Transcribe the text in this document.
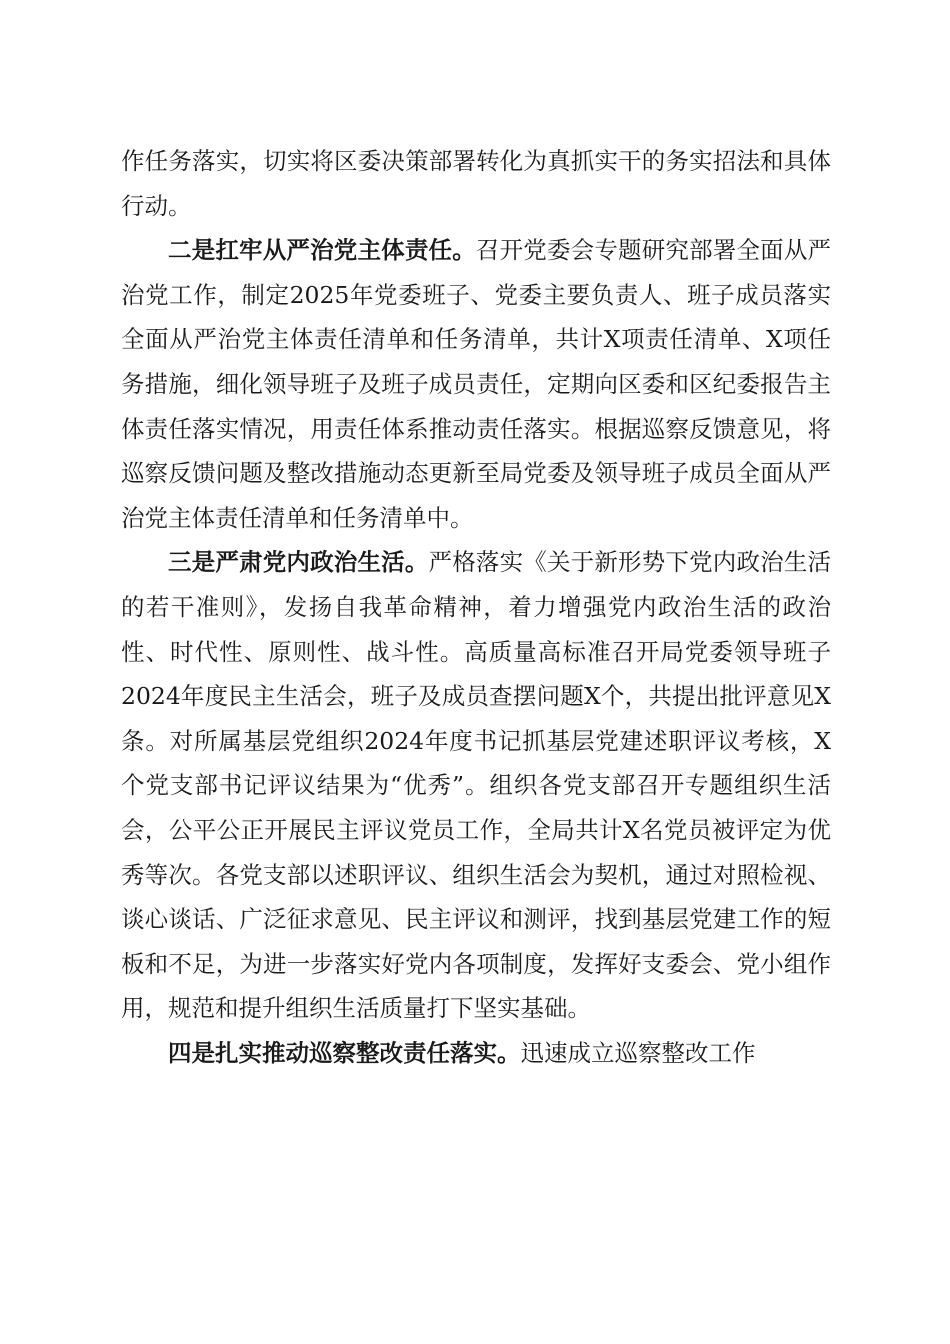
作任务落实，切实将区委决策部署转化为真抓实干的务实招法和具体行动。

二是扛牢从严治党主体责任。召开党委会专题研究部署全面从严治党工作，制定2025年党委班子、党委主要负责人、班子成员落实全面从严治党主体责任清单和任务清单，共计X项责任清单、X项任务措施，细化领导班子及班子成员责任，定期向区委和区纪委报告主体责任落实情况，用责任体系推动责任落实。根据巡察反馈意见，将巡察反馈问题及整改措施动态更新至局党委及领导班子成员全面从严治党主体责任清单和任务清单中。

三是严肃党内政治生活。严格落实《关于新形势下党内政治生活的若干准则》，发扬自我革命精神，着力增强党内政治生活的政治性、时代性、原则性、战斗性。高质量高标准召开局党委领导班子2024年度民主生活会，班子及成员查摆问题X个，共提出批评意见X条。对所属基层党组织2024年度书记抓基层党建述职评议考核，X个党支部书记评议结果为“优秀”。组织各党支部召开专题组织生活会，公平公正开展民主评议党员工作，全局共计X名党员被评定为优秀等次。各党支部以述职评议、组织生活会为契机，通过对照检视、谈心谈话、广泛征求意见、民主评议和测评，找到基层党建工作的短板和不足，为进一步落实好党内各项制度，发挥好支委会、党小组作用，规范和提升组织生活质量打下坚实基础。

四是扎实推动巡察整改责任落实。迅速成立巡察整改工作
